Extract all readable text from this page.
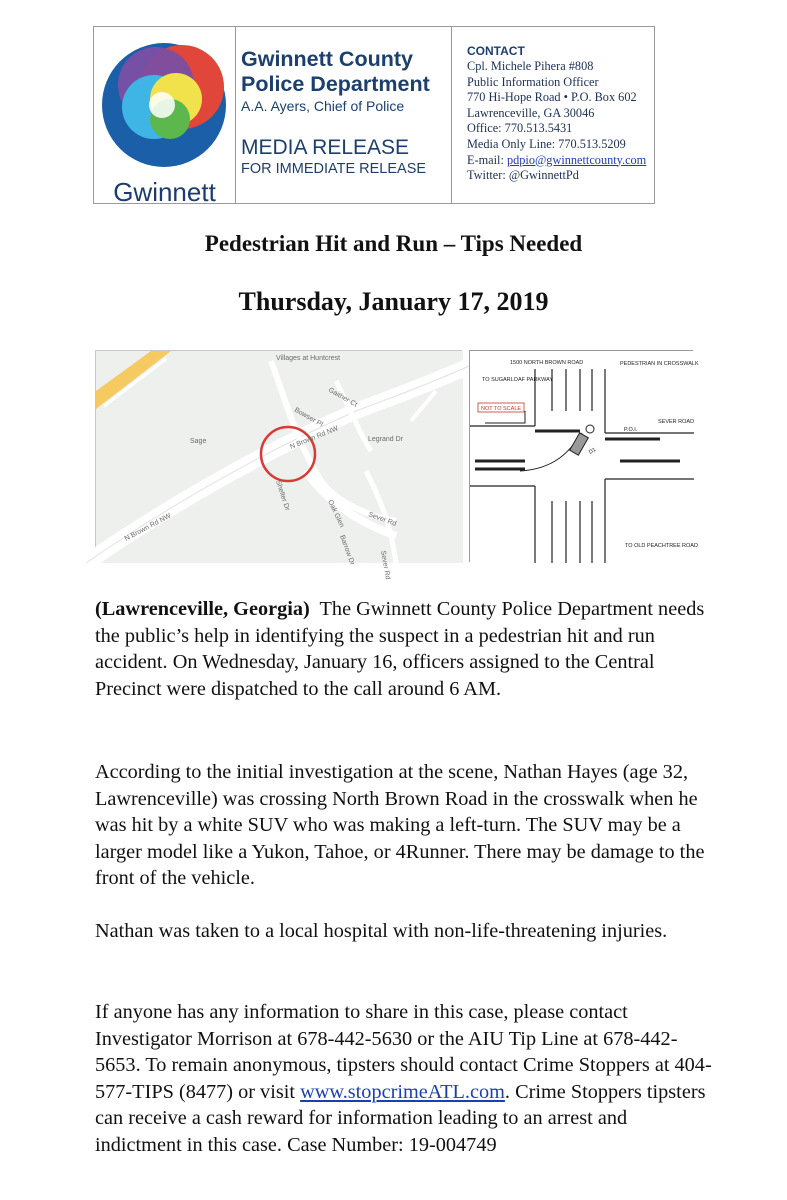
Gwinnett
Gwinnett County
Police Department
A.A. Ayers, Chief of Police
MEDIA RELEASE
FOR IMMEDIATE RELEASE
CONTACT
Cpl. Michele Pihera #808
Public Information Officer
770 Hi-Hope Road • P.O. Box 602
Lawrenceville, GA 30046
Office: 770.513.5431
Media Only Line: 770.513.5209
E-mail: pdpio@gwinnettcounty.com
Twitter: @GwinnettPd
Pedestrian Hit and Run – Tips Needed
Thursday, January 17, 2019
Villages at Huntcrest
Sage	N Brown Rd NW
N Brown Rd NW
Legrand Dr
Sever Rd
Sever Rd
Shelter Dr
Bowser Pl
Gaither Ct
Oak Glen
Barrow Dr
1500 NORTH BROWN ROAD	PEDESTRIAN IN CROSSWALK
TO SUGARLOAF PARKWAY
P.O.I.
SEVER ROAD
D1
TO OLD PEACHTREE ROAD
NOT TO SCALE

(Lawrenceville, Georgia) The Gwinnett County Police Department needs the public’s help in identifying the suspect in a pedestrian hit and run accident. On Wednesday, January 16, officers assigned to the Central Precinct were dispatched to the call around 6 AM.

According to the initial investigation at the scene, Nathan Hayes (age 32, Lawrenceville) was crossing North Brown Road in the crosswalk when he was hit by a white SUV who was making a left-turn. The SUV may be a larger model like a Yukon, Tahoe, or 4Runner. There may be damage to the front of the vehicle.

Nathan was taken to a local hospital with non-life-threatening injuries.

If anyone has any information to share in this case, please contact Investigator Morrison at 678-442-5630 or the AIU Tip Line at 678-442-5653. To remain anonymous, tipsters should contact Crime Stoppers at 404-577-TIPS (8477) or visit www.stopcrimeATL.com. Crime Stoppers tipsters can receive a cash reward for information leading to an arrest and indictment in this case. Case Number: 19-004749
